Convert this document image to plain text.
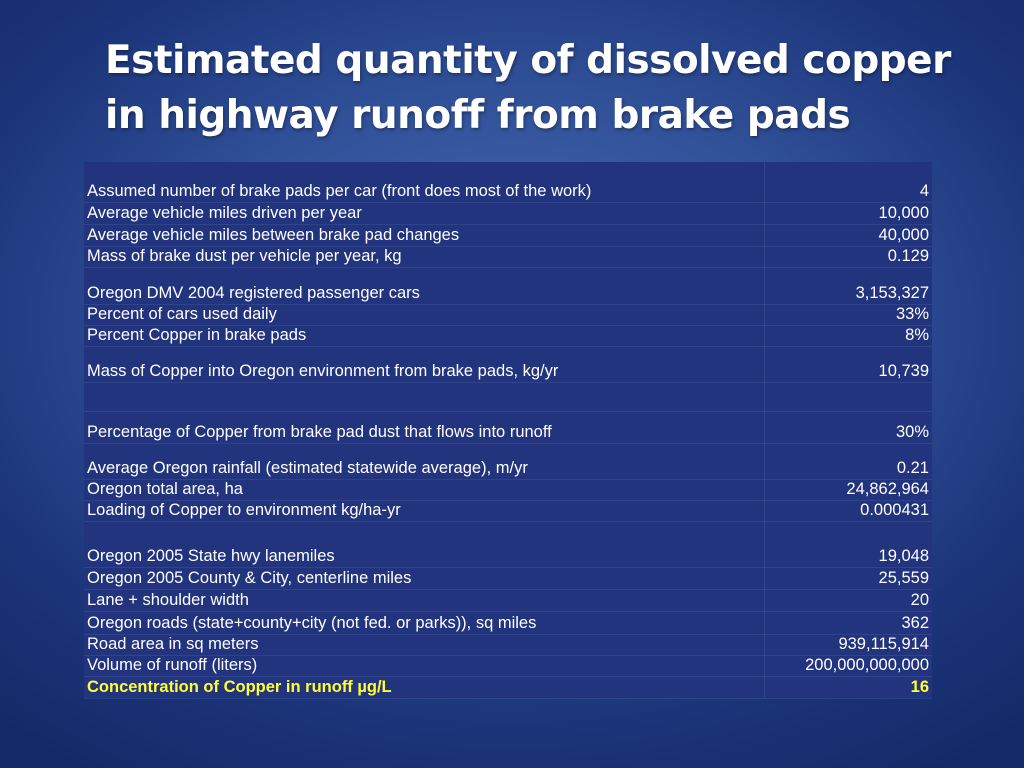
Estimated quantity of dissolved copper
in highway runoff from brake pads
Assumed number of brake pads per car (front does most of the work)	4
Average vehicle miles driven per year	10,000
Average vehicle miles between brake pad changes	40,000
Mass of brake dust per vehicle per year, kg	0.129
Oregon DMV 2004 registered passenger cars	3,153,327
Percent of cars used daily	33%
Percent Copper in brake pads	8%
Mass of Copper into Oregon environment from brake pads, kg/yr	10,739
Percentage of Copper from brake pad dust that flows into runoff	30%
Average Oregon rainfall (estimated statewide average), m/yr	0.21
Oregon total area, ha	24,862,964
Loading of Copper to environment kg/ha-yr	0.000431
Oregon 2005 State hwy lanemiles	19,048
Oregon 2005 County & City, centerline miles	25,559
Lane + shoulder width	20
Oregon roads (state+county+city (not fed. or parks)), sq miles	362
Road area in sq meters	939,115,914
Volume of runoff (liters)	200,000,000,000
Concentration of Copper in runoff µg/L	16
